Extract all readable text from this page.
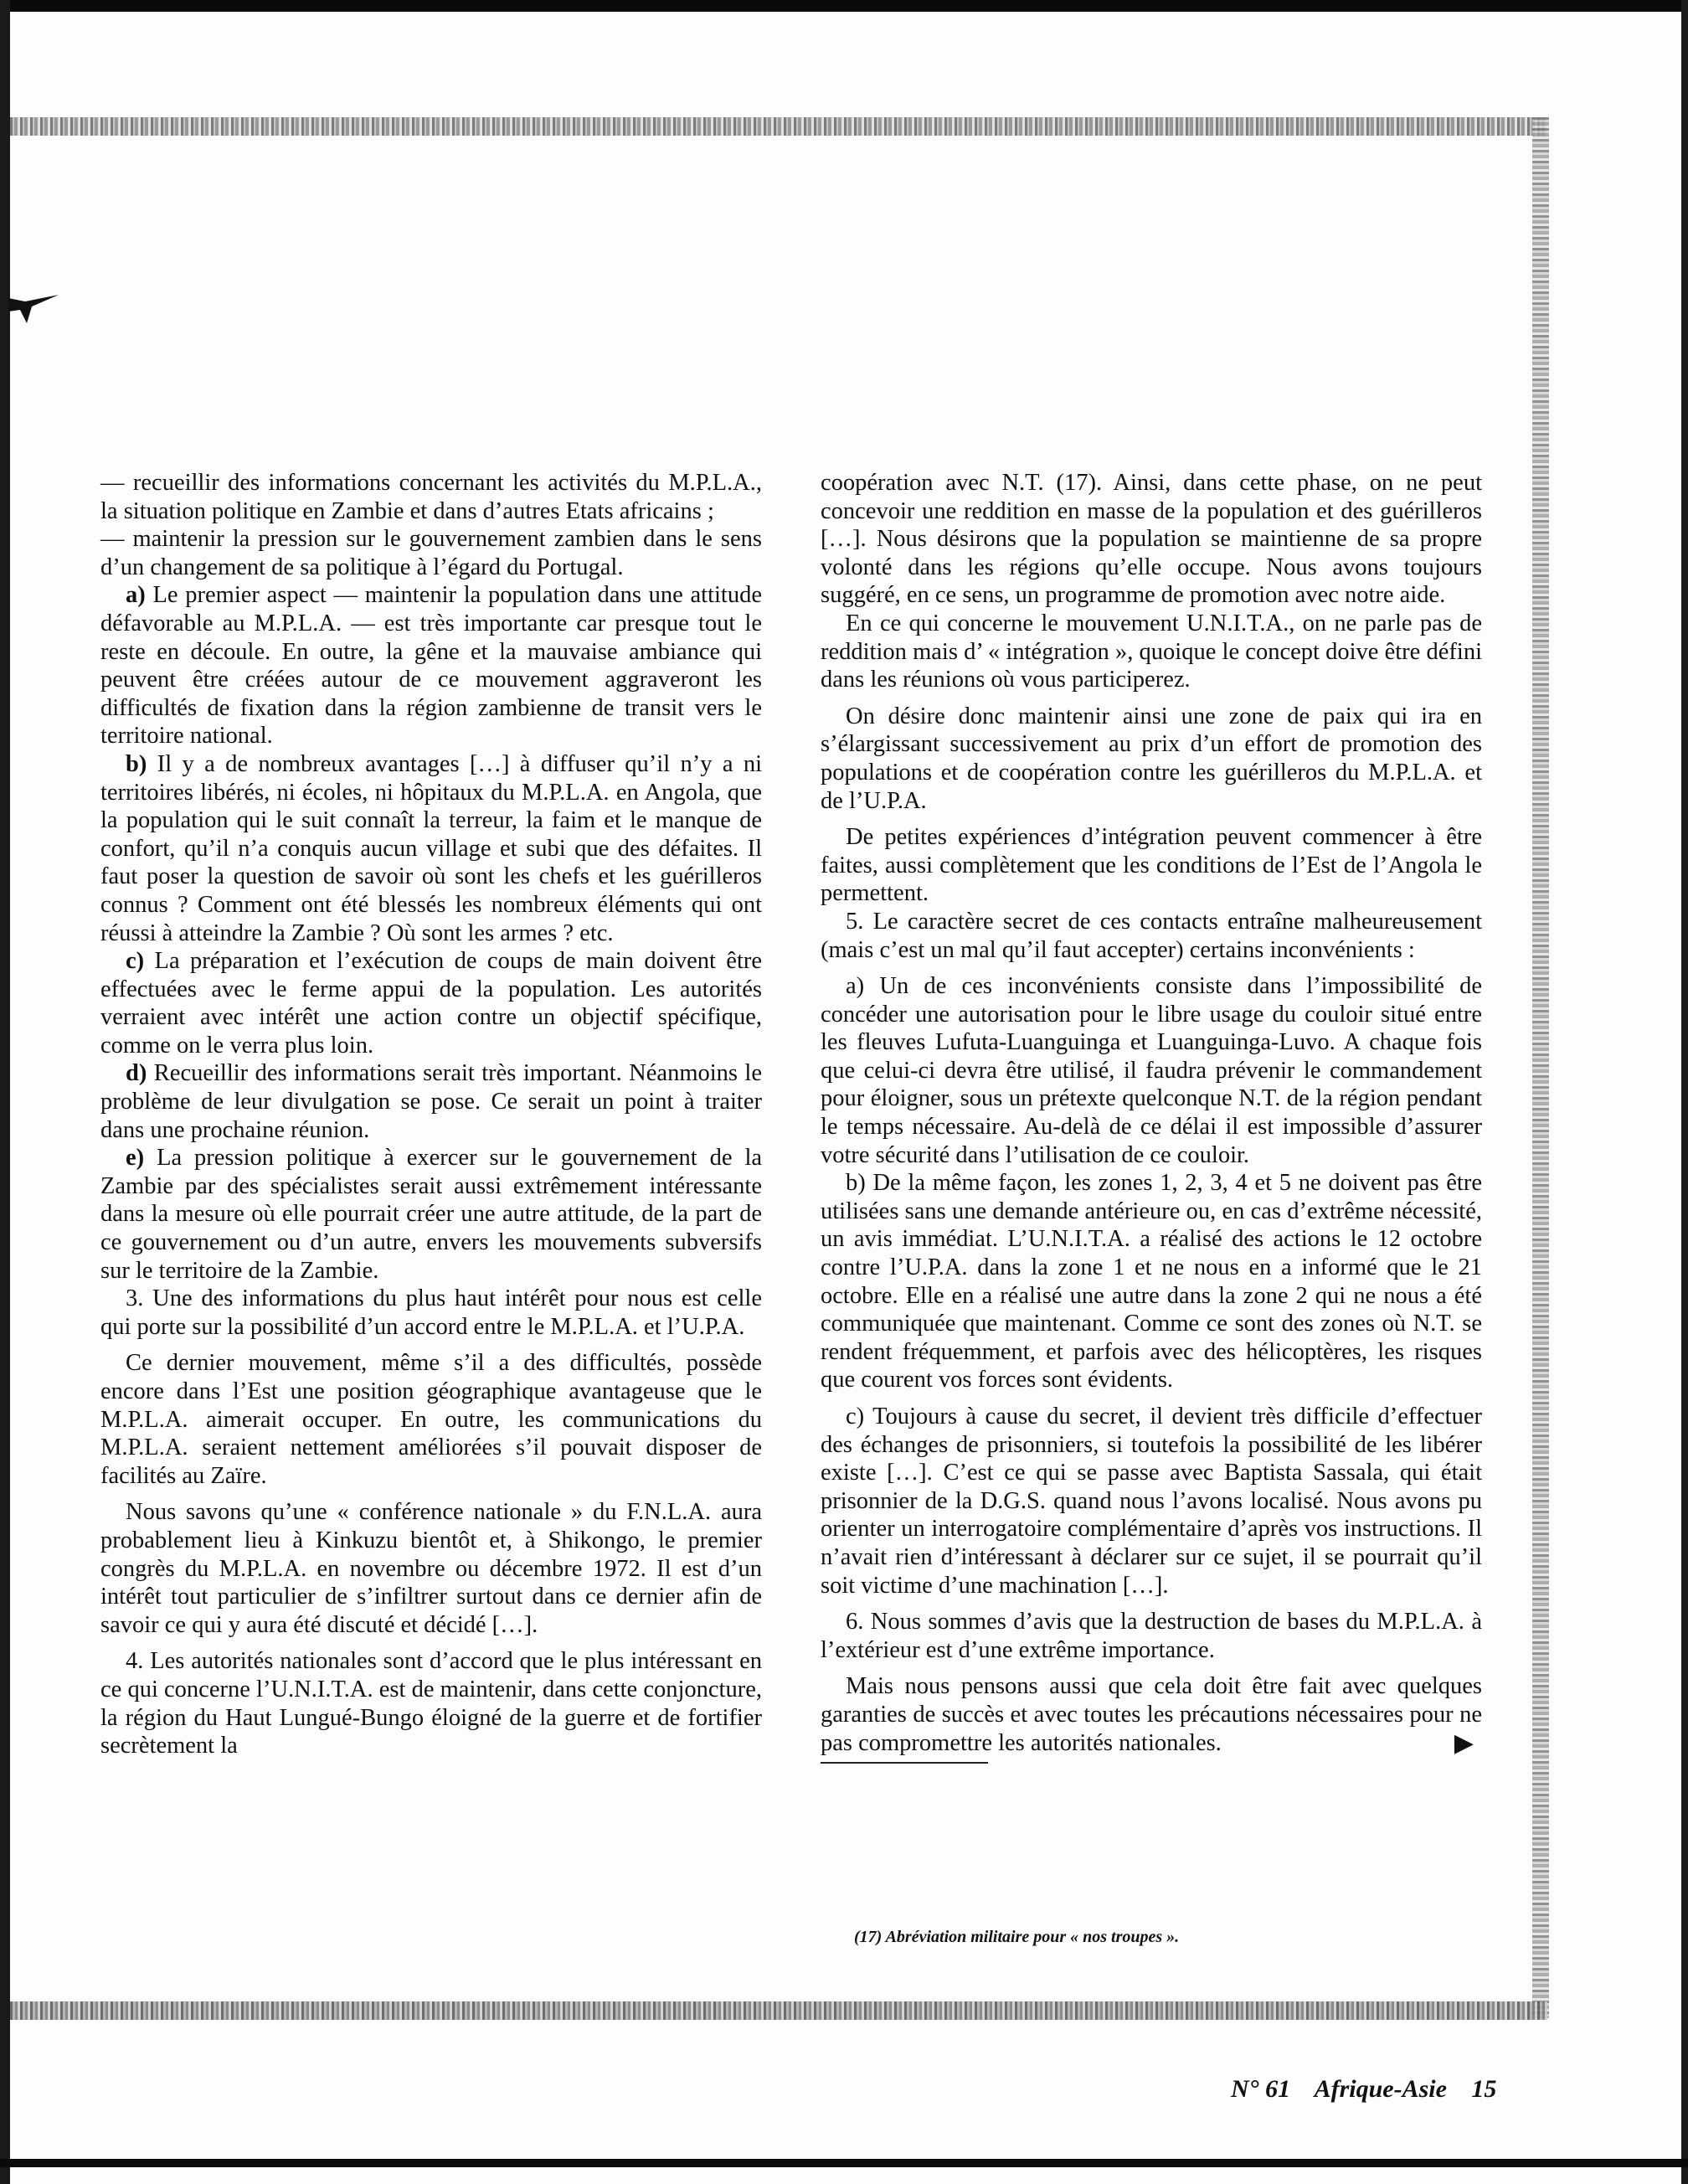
— recueillir des informations concernant les activités du M.P.L.A., la situation politique en Zambie et dans d’autres Etats africains ;

— maintenir la pression sur le gouvernement zambien dans le sens d’un changement de sa politique à l’égard du Portugal.

a) Le premier aspect — maintenir la population dans une attitude défavorable au M.P.L.A. — est très importante car presque tout le reste en découle. En outre, la gêne et la mauvaise ambiance qui peuvent être créées autour de ce mouvement aggraveront les difficultés de fixation dans la région zambienne de transit vers le territoire national.

b) Il y a de nombreux avantages […] à diffuser qu’il n’y a ni territoires libérés, ni écoles, ni hôpitaux du M.P.L.A. en Angola, que la population qui le suit connaît la terreur, la faim et le manque de confort, qu’il n’a conquis aucun village et subi que des défaites. Il faut poser la question de savoir où sont les chefs et les guérilleros connus ? Comment ont été blessés les nombreux éléments qui ont réussi à atteindre la Zambie ? Où sont les armes ? etc.

c) La préparation et l’exécution de coups de main doivent être effectuées avec le ferme appui de la population. Les autorités verraient avec intérêt une action contre un objectif spécifique, comme on le verra plus loin.

d) Recueillir des informations serait très important. Néanmoins le problème de leur divulgation se pose. Ce serait un point à traiter dans une prochaine réunion.

e) La pression politique à exercer sur le gouvernement de la Zambie par des spécialistes serait aussi extrêmement intéressante dans la mesure où elle pourrait créer une autre attitude, de la part de ce gouvernement ou d’un autre, envers les mouvements subversifs sur le territoire de la Zambie.

3. Une des informations du plus haut intérêt pour nous est celle qui porte sur la possibilité d’un accord entre le M.P.L.A. et l’U.P.A.

Ce dernier mouvement, même s’il a des difficultés, possède encore dans l’Est une position géographique avantageuse que le M.P.L.A. aimerait occuper. En outre, les communications du M.P.L.A. seraient nettement améliorées s’il pouvait disposer de facilités au Zaïre.

Nous savons qu’une « conférence nationale » du F.N.L.A. aura probablement lieu à Kinkuzu bientôt et, à Shikongo, le premier congrès du M.P.L.A. en novembre ou décembre 1972. Il est d’un intérêt tout particulier de s’infiltrer surtout dans ce dernier afin de savoir ce qui y aura été discuté et décidé […].

4. Les autorités nationales sont d’accord que le plus intéressant en ce qui concerne l’U.N.I.T.A. est de maintenir, dans cette conjoncture, la région du Haut Lungué-Bungo éloigné de la guerre et de fortifier secrètement la

coopération avec N.T. (17). Ainsi, dans cette phase, on ne peut concevoir une reddition en masse de la population et des guérilleros […]. Nous désirons que la population se maintienne de sa propre volonté dans les régions qu’elle occupe. Nous avons toujours suggéré, en ce sens, un programme de promotion avec notre aide.

En ce qui concerne le mouvement U.N.I.T.A., on ne parle pas de reddition mais d’ « intégration », quoique le concept doive être défini dans les réunions où vous participerez.

On désire donc maintenir ainsi une zone de paix qui ira en s’élargissant successivement au prix d’un effort de promotion des populations et de coopération contre les guérilleros du M.P.L.A. et de l’U.P.A.

De petites expériences d’intégration peuvent commencer à être faites, aussi complètement que les conditions de l’Est de l’Angola le permettent.

5. Le caractère secret de ces contacts entraîne malheureusement (mais c’est un mal qu’il faut accepter) certains inconvénients :

a) Un de ces inconvénients consiste dans l’impossibilité de concéder une autorisation pour le libre usage du couloir situé entre les fleuves Lufuta-Luanguinga et Luanguinga-Luvo. A chaque fois que celui-ci devra être utilisé, il faudra prévenir le commandement pour éloigner, sous un prétexte quelconque N.T. de la région pendant le temps nécessaire. Au-delà de ce délai il est impossible d’assurer votre sécurité dans l’utilisation de ce couloir.

b) De la même façon, les zones 1, 2, 3, 4 et 5 ne doivent pas être utilisées sans une demande antérieure ou, en cas d’extrême nécessité, un avis immédiat. L’U.N.I.T.A. a réalisé des actions le 12 octobre contre l’U.P.A. dans la zone 1 et ne nous en a informé que le 21 octobre. Elle en a réalisé une autre dans la zone 2 qui ne nous a été communiquée que maintenant. Comme ce sont des zones où N.T. se rendent fréquemment, et parfois avec des hélicoptères, les risques que courent vos forces sont évidents.

c) Toujours à cause du secret, il devient très difficile d’effectuer des échanges de prisonniers, si toutefois la possibilité de les libérer existe […]. C’est ce qui se passe avec Baptista Sassala, qui était prisonnier de la D.G.S. quand nous l’avons localisé. Nous avons pu orienter un interrogatoire complémentaire d’après vos instructions. Il n’avait rien d’intéressant à déclarer sur ce sujet, il se pourrait qu’il soit victime d’une machination […].

6. Nous sommes d’avis que la destruction de bases du M.P.L.A. à l’extérieur est d’une extrême importance.

Mais nous pensons aussi que cela doit être fait avec quelques garanties de succès et avec toutes les précautions nécessaires pour ne pas compromettre les autorités nationales.	▶

(17) Abréviation militaire pour « nos troupes ».
N° 61 Afrique-Asie 15
